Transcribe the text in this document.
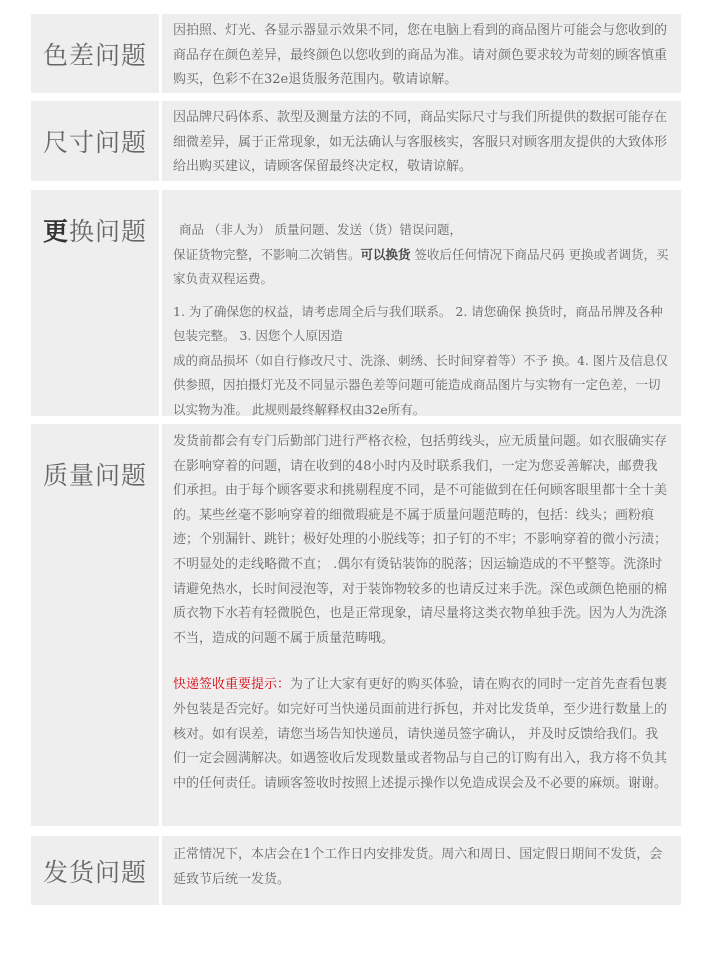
色差问题

因拍照、灯光、各显示器显示效果不同，您在电脑上看到的商品图片可能会与您收到的商品存在颜色差异，最终颜色以您收到的商品为准。请对颜色要求较为苛刻的顾客慎重购买，色彩不在32e退货服务范围内。敬请谅解。

尺寸问题

因品牌尺码体系、款型及测量方法的不同，商品实际尺寸与我们所提供的数据可能存在细微差异，属于正常现象，如无法确认与客服核实，客服只对顾客朋友提供的大致体形给出购买建议，请顾客保留最终决定权，敬请谅解。

更 换问题	商品 （非人为） 质量问题、发送（货）错误问题，

保证货物完整，不影响二次销售。可以换货 签收后任何情况下商品尺码 更换或者调货，买家负责双程运费。

1. 为了确保您的权益，请考虑周全后与我们联系。 2. 请您确保 换货时，商品吊牌及各种包装完整。 3. 因您个人原因造

成的商品损坏（如自行修改尺寸、洗涤、刺绣、长时间穿着等）不予 换。4. 图片及信息仅供参照，因拍摄灯光及不同显示器色差等问题可能造成商品图片与实物有一定色差，一切以实物为准。 此规则最终解释权由32e所有。

质量问题

发货前都会有专门后勤部门进行严格衣检，包括剪线头，应无质量问题。如衣服确实存在影响穿着的问题，请在收到的48小时内及时联系我们，一定为您妥善解决，邮费我们承担。由于每个顾客要求和挑剔程度不同，是不可能做到在任何顾客眼里都十全十美的。某些丝毫不影响穿着的细微瑕疵是不属于质量问题范畴的，包括：线头；画粉痕迹；个别漏针、跳针；极好处理的小脱线等；扣子钉的不牢；不影响穿着的微小污渍；不明显处的走线略微不直； .偶尔有烫钻装饰的脱落；因运输造成的不平整等。洗涤时请避免热水，长时间浸泡等，对于装饰物较多的也请反过来手洗。深色或颜色艳丽的棉质衣物下水若有轻微脱色，也是正常现象，请尽量将这类衣物单独手洗。因为人为洗涤不当，造成的问题不属于质量范畴哦。

快递签收重要提示：为了让大家有更好的购买体验，请在购衣的同时一定首先查看包裹外包装是否完好。如完好可当快递员面前进行拆包，并对比发货单，至少进行数量上的核对。如有误差，请您当场告知快递员，请快递员签字确认， 并及时反馈给我们。我们一定会圆满解决。如遇签收后发现数量或者物品与自己的订购有出入，我方将不负其中的任何责任。请顾客签收时按照上述提示操作以免造成误会及不必要的麻烦。谢谢。

发货问题

正常情况下，本店会在1个工作日内安排发货。周六和周日、国定假日期间不发货，会延致节后统一发货。
